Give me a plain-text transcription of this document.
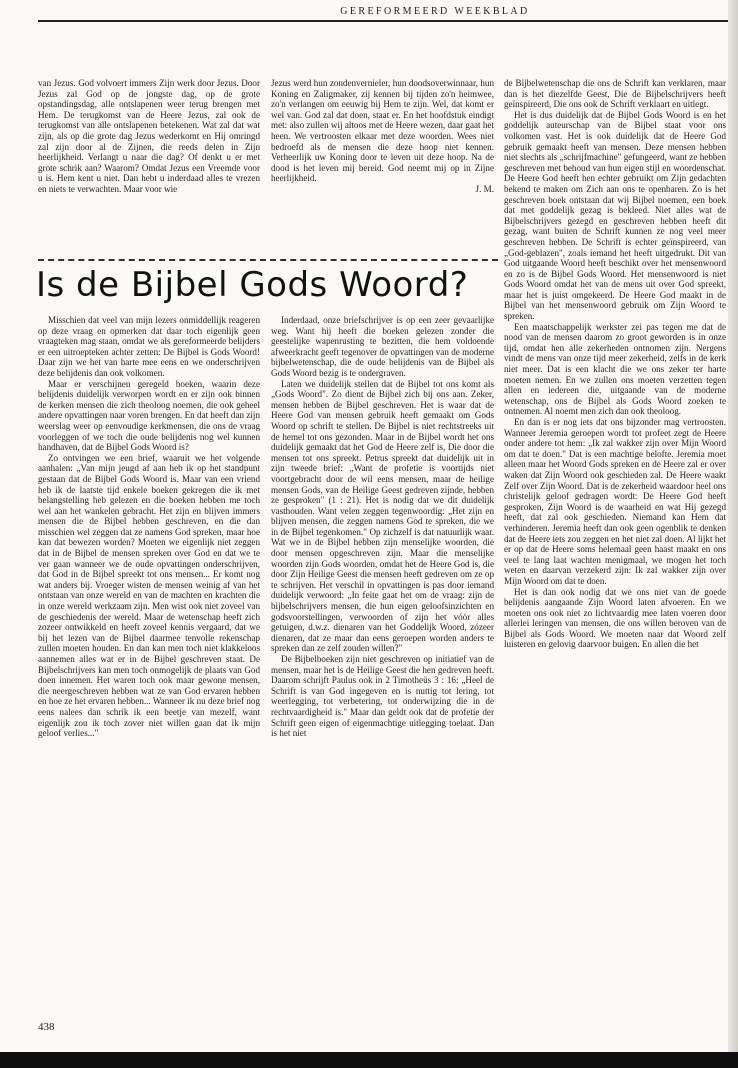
GEREFORMEERD WEEKBLAD

van Jezus. God volvoert immers Zijn werk door Jezus. Door Jezus zal God op de jongste dag, op de grote opstandingsdag, alle ontslapenen weer terug brengen met Hem. De terugkomst van de Heere Jezus, zal ook de terugkomst van alle ontslapenen betekenen. Wat zal dat wat zijn, als op die grote dag Jezus wederkomt en Hij omringd zal zijn door al de Zijnen, die reeds delen in Zijn heerlijkheid. Verlangt u naar die dag? Of denkt u er met grote schrik aan? Waarom? Omdat Jezus een Vreemde voor u is. Hem kent u niet. Dan hebt u inderdaad alles te vrezen en niets te verwachten. Maar voor wie

Jezus werd hun zondenvernieler, hun doodsoverwinnaar, hun Koning en Zaligmaker, zij kennen bij tijden zo'n heimwee, zo'n verlangen om eeuwig bij Hem te zijn. Wel, dat komt er wel van. God zal dat doen, staat er. En het hoofdstuk eindigt met: also zullen wij altoos met de Heere wezen, daar gaat het heen. We vertroosten elkaar met deze woorden. Wees niet bedroefd als de mensen die deze hoop niet kennen. Verheerlijk uw Koning door te leven uit deze hoop. Na de dood is het leven mij bereid. God neemt mij op in Zijne heerlijkheid.

J. M.
Is de Bijbel Gods Woord?

Misschien dat veel van mijn lezers onmiddellijk reageren op deze vraag en opmerken dat daar toch eigenlijk geen vraagteken mag staan, omdat we als gereformeerde belijders er een uitroepteken achter zetten: De Bijbel is Gods Woord! Daar zijn we het van harte mee eens en we onderschrijven deze belijdenis dan ook volkomen.

Maar er verschijnen geregeld boeken, waarin deze belijdenis duidelijk verworpen wordt en er zijn ook binnen de kerken mensen die zich theoloog noemen, die ook geheel andere opvattingen naar voren brengen. En dat heeft dan zijn weerslag weer op eenvoudige kerkmensen, die ons de vraag voorleggen of we toch die oude belijdenis nog wel kunnen handhaven, dat de Bijbel Gods Woord is?

Zo ontvingen we een brief, waaruit we het volgende aanhalen: „Van mijn jeugd af aan heb ik op het standpunt gestaan dat de Bijbel Gods Woord is. Maar van een vriend heb ik de laatste tijd enkele boeken gekregen die ik met belangstelling heb gelezen en die boeken hebben me toch wel aan het wankelen gebracht. Het zijn en blijven immers mensen die de Bijbel hebben geschreven, en die dan misschien wel zeggen dat ze namens God spreken, maar hoe kan dat bewezen worden? Moeten we eigenlijk niet zeggen dat in de Bijbel de mensen spreken over God en dat we te ver gaan wanneer we de oude opvattingen onderschrijven, dat God in de Bijbel spreekt tot ons mensen... Er komt nog wat anders bij. Vroeger wisten de mensen weinig af van het ontstaan van onze wereld en van de machten en krachten die in onze wereld werkzaam zijn. Men wist ook niet zoveel van de geschiedenis der wereld. Maar de wetenschap heeft zich zozeer ontwikkeld en heeft zoveel kennis vergaard, dat we bij het lezen van de Bijbel daarmee tenvolle rekenschap zullen moeten houden. En dan kan men toch niet klakkeloos aannemen alles wat er in de Bijbel geschreven staat. De Bijbelschrijvers kan men toch onmogelijk de plaats van God doen innemen. Het waren toch ook maar gewone mensen, die neergeschreven hebben wat ze van God ervaren hebben en hoe ze het ervaren hebben... Wanneer ik nu deze brief nog eens nalees dan schrik ik een beetje van mezelf, want eigenlijk zou ik toch zover niet willen gaan dat ik mijn geloof verlies..."

Inderdaad, onze briefschrijver is op een zeer gevaarlijke weg. Want hij heeft die boeken gelezen zonder die geestelijke wapenrusting te bezitten, die hem voldoende afweerkracht geeft tegenover de opvattingen van de moderne bijbelwetenschap, die de oude belijdenis van de Bijbel als Gods Woord bezig is te ondergraven.

Laten we duidelijk stellen dat de Bijbel tot ons komt als „Gods Woord". Zo dient de Bijbel zich bij ons aan. Zeker, mensen hebben de Bijbel geschreven. Het is waar dat de Heere God van mensen gebruik heeft gemaakt om Gods Woord op schrift te stellen. De Bijbel is niet rechtstreeks uit de hemel tot ons gezonden. Maar in de Bijbel wordt het ons duidelijk gemaakt dat het God de Heere zelf is, Die door die mensen tot ons spreekt. Petrus spreekt dat duidelijk uit in zijn tweede brief: „Want de profetie is voortijds niet voortgebracht door de wil eens mensen, maar de heilige mensen Gods, van de Heilige Geest gedreven zijnde, hebben ze gesproken" (1 : 21). Het is nodig dat we dit duidelijk vasthouden. Want velen zeggen tegenwoordig: „Het zijn en blijven mensen, die zeggen namens God te spreken, die we in de Bijbel tegenkomen." Op zichzelf is dat natuurlijk waar. Wat we in de Bijbel hebben zijn menselijke woorden, die door mensen opgeschreven zijn. Maar die menselijke woorden zijn Gods woorden, omdat het de Heere God is, die door Zijn Heilige Geest die mensen heeft gedreven om ze op te schrijven. Het verschil in opvattingen is pas door iemand duidelijk verwoord: „In feite gaat het om de vraag: zijn de bijbelschrijvers mensen, die hun eigen geloofsinzichten en godsvoorstellingen, verwoorden of zijn het vóór alles getuigen, d.w.z. dienaren van het Goddelijk Woord, zózeer dienaren, dat ze maar dan eens geroepen worden anders te spreken dan ze zelf zouden willen?"

De Bijbelboeken zijn niet geschreven op initiatief van de mensen, maar het is de Heilige Geest die hen gedreven heeft. Daarom schrijft Paulus ook in 2 Timotheüs 3 : 16: „Heel de Schrift is van God ingegeven en is nuttig tot lering, tot weerlegging, tot verbetering, tot onderwijzing die in de rechtvaardigheid is." Maar dan geldt ook dat de profetie der Schrift geen eigen of eigenmachtige uitlegging toelaat. Dan is het niet

de Bijbelwetenschap die ons de Schrift kan verklaren, maar dan is het diezelfde Geest, Die de Bijbelschrijvers heeft geïnspireerd, Die ons ook de Schrift verklaart en uitlegt.

Het is dus duidelijk dat de Bijbel Gods Woord is en het goddelijk auteurschap van de Bijbel staat voor ons volkomen vast. Het is ook duidelijk dat de Heere God gebruik gemaakt heeft van mensen. Deze mensen hebben niet slechts als „schrijfmachine" gefungeerd, want ze hebben geschreven met behoud van hun eigen stijl en woordenschat. De Heere God heeft hen echter gebruikt om Zijn gedachten bekend te maken om Zich aan ons te openbaren. Zo is het geschreven boek ontstaan dat wij Bijbel noemen, een boek dat met goddelijk gezag is bekleed. Niet alles wat de Bijbelschrijvers gezegd en geschreven hebben heeft dit gezag, want buiten de Schrift kunnen ze nog veel meer geschreven hebben. De Schrift is echter geïnspireerd, van „God-geblazen", zoals iemand het heeft uitgedrukt. Dit van God uitgaande Woord heeft beschikt over het mensenwoord en zo is de Bijbel Gods Woord. Het mensenwoord is niet Gods Woord omdat het van de mens uit over God spreekt, maar het is juist omgekeerd. De Heere God maakt in de Bijbel van het mensenwoord gebruik om Zijn Woord te spreken.

Een maatschappelijk werkster zei pas tegen me dat de nood van de mensen daarom zo groot geworden is in onze tijd, omdat hen alle zekerheden ontnomen zijn. Nergens vindt de mens van onze tijd meer zekerheid, zelfs in de kerk niet meer. Dat is een klacht die we ons zeker ter harte moeten nemen. En we zullen ons moeten verzetten tegen allen en iedereen die, uitgaande van de moderne wetenschap, ons de Bijbel als Gods Woord zoeken te ontnemen. Al noemt men zich dan ook theoloog.

En dan is er nog iets dat ons bijzonder mag vertroosten. Wanneer Jeremia geroepen wordt tot profeet zegt de Heere onder andere tot hem: „Ik zal wakker zijn over Mijn Woord om dat te doen." Dat is een machtige belofte. Jeremia moet alleen maar het Woord Gods spreken en de Heere zal er over waken dat Zijn Woord ook geschieden zal. De Heere waakt Zelf over Zijn Woord. Dat is de zekerheid waardoor heel ons christelijk geloof gedragen wordt: De Heere God heeft gesproken, Zijn Woord is de waarheid en wat Hij gezegd heeft, dat zal ook geschieden. Niemand kan Hem dat verhinderen. Jeremia heeft dan ook geen ogenblik te denken dat de Heere iets zou zeggen en het niet zal doen. Al lijkt het er op dat de Heere soms helemaal geen haast maakt en ons veel te lang laat wachten menigmaal, we mogen het toch weten en daarvan verzekerd zijn: Ik zal wakker zijn over Mijn Woord om dat te doen.

Het is dan ook nodig dat we ons niet van de goede belijdenis aangaande Zijn Woord laten afvoeren. En we moeten ons ook niet zo lichtvaardig mee laten voeren door allerlei leringen van mensen, die ons willen beroven van de Bijbel als Gods Woord. We moeten naar dat Woord zelf luisteren en gelovig daarvoor buigen. En allen die het

438
